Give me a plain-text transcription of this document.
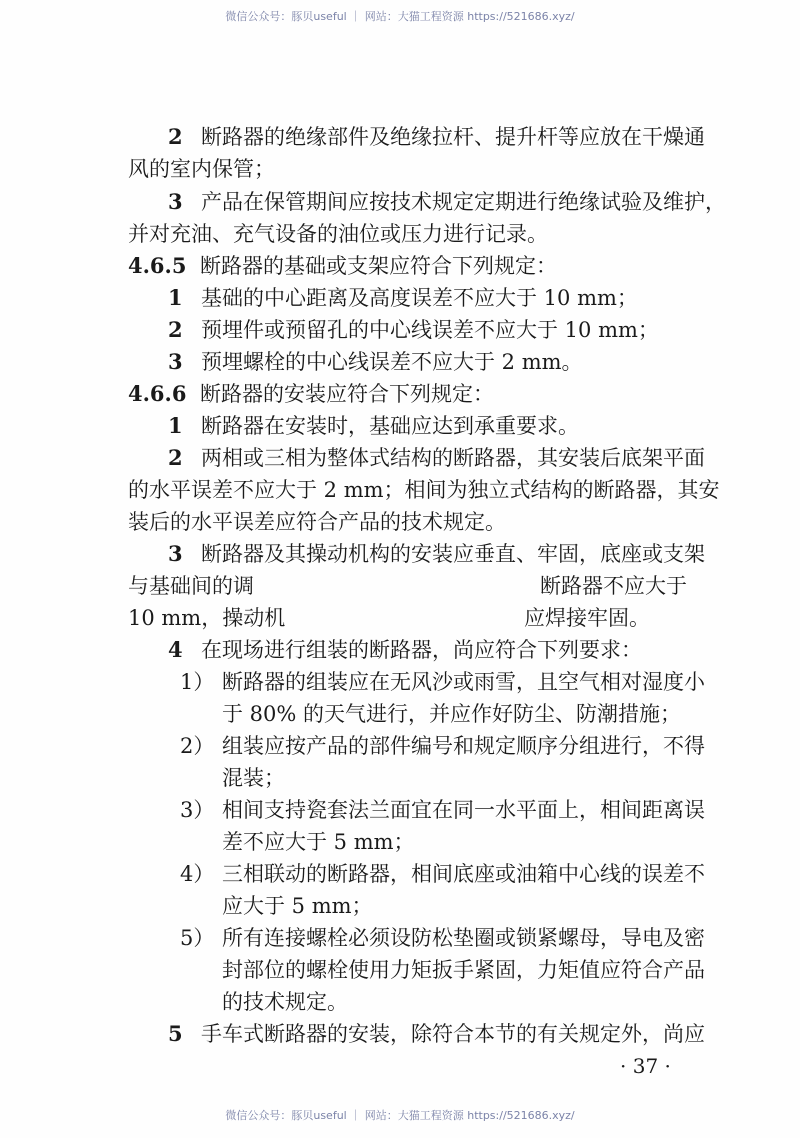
微信公众号：豚贝useful ｜ 网站：大猫工程资源 https://521686.xyz/
2 断路器的绝缘部件及绝缘拉杆、提升杆等应放在干燥通
风的室内保管；
3 产品在保管期间应按技术规定定期进行绝缘试验及维护，
并对充油、充气设备的油位或压力进行记录。
4.6.5 断路器的基础或支架应符合下列规定：
1 基础的中心距离及高度误差不应大于 10 mm；
2 预埋件或预留孔的中心线误差不应大于 10 mm；
3 预埋螺栓的中心线误差不应大于 2 mm。
4.6.6 断路器的安装应符合下列规定：
1 断路器在安装时，基础应达到承重要求。
2 两相或三相为整体式结构的断路器，其安装后底架平面
的水平误差不应大于 2 mm；相间为独立式结构的断路器，其安
装后的水平误差应符合产品的技术规定。
3 断路器及其操动机构的安装应垂直、牢固，底座或支架
与基础间的调	断路器不应大于
10 mm，操动机	应焊接牢固。
4 在现场进行组装的断路器，尚应符合下列要求：
1） 断路器的组装应在无风沙或雨雪，且空气相对湿度小
于 80% 的天气进行，并应作好防尘、防潮措施；
2） 组装应按产品的部件编号和规定顺序分组进行，不得
混装；
3） 相间支持瓷套法兰面宜在同一水平面上，相间距离误
差不应大于 5 mm；
4） 三相联动的断路器，相间底座或油箱中心线的误差不
应大于 5 mm；
5） 所有连接螺栓必须设防松垫圈或锁紧螺母，导电及密
封部位的螺栓使用力矩扳手紧固，力矩值应符合产品
的技术规定。
5 手车式断路器的安装，除符合本节的有关规定外，尚应
· 37 ·
微信公众号：豚贝useful ｜ 网站：大猫工程资源 https://521686.xyz/
